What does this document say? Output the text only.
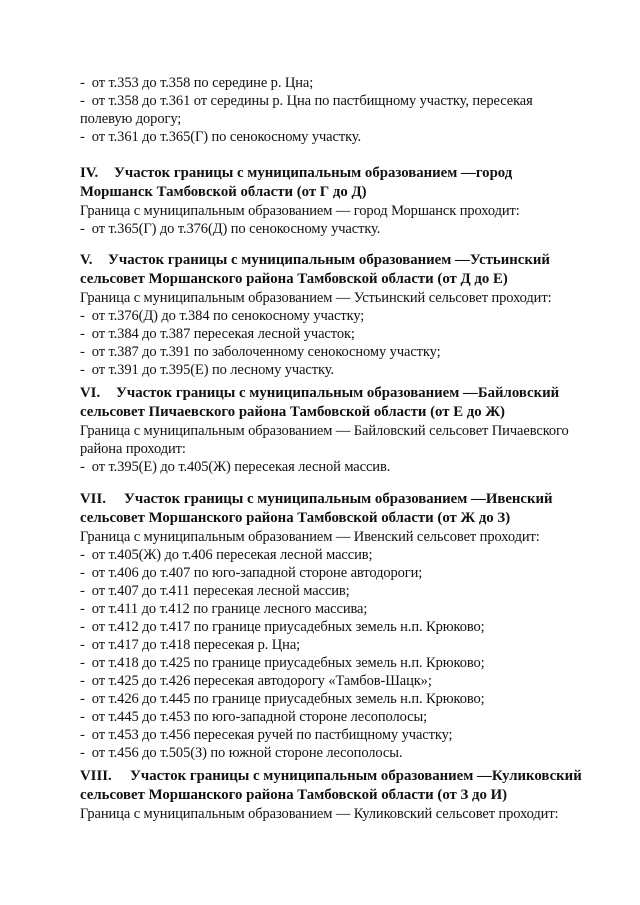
-  от т.353 до т.358 по середине р. Цна;
-  от т.358 до т.361 от середины р. Цна по пастбищному участку, пересекая
полевую дорогу;
-  от т.361 до т.365(Г) по сенокосному участку.
IV. Участок границы с муниципальным образованием —город
Моршанск Тамбовской области (от Г до Д)
Граница с муниципальным образованием — город Моршанск проходит:
-  от т.365(Г) до т.376(Д) по сенокосному участку.
V. Участок границы с муниципальным образованием —Устьинский
сельсовет Моршанского района Тамбовской области (от Д до Е)
Граница с муниципальным образованием — Устьинский сельсовет проходит:
-  от т.376(Д) до т.384 по сенокосному участку;
-  от т.384 до т.387 пересекая лесной участок;
-  от т.387 до т.391 по заболоченному сенокосному участку;
-  от т.391 до т.395(Е) по лесному участку.
VI. Участок границы с муниципальным образованием —Байловский
сельсовет Пичаевского района Тамбовской области (от Е до Ж)
Граница с муниципальным образованием — Байловский сельсовет Пичаевского
района проходит:
-  от т.395(Е) до т.405(Ж) пересекая лесной массив.
VII. Участок границы с муниципальным образованием —Ивенский
сельсовет Моршанского района Тамбовской области (от Ж до З)
Граница с муниципальным образованием — Ивенский сельсовет проходит:
-  от т.405(Ж) до т.406 пересекая лесной массив;
-  от т.406 до т.407 по юго-западной стороне автодороги;
-  от т.407 до т.411 пересекая лесной массив;
-  от т.411 до т.412 по границе лесного массива;
-  от т.412 до т.417 по границе приусадебных земель н.п. Крюково;
-  от т.417 до т.418 пересекая р. Цна;
-  от т.418 до т.425 по границе приусадебных земель н.п. Крюково;
-  от т.425 до т.426 пересекая автодорогу «Тамбов-Шацк»;
-  от т.426 до т.445 по границе приусадебных земель н.п. Крюково;
-  от т.445 до т.453 по юго-западной стороне лесополосы;
-  от т.453 до т.456 пересекая ручей по пастбищному участку;
-  от т.456 до т.505(З) по южной стороне лесополосы.
VIII. Участок границы с муниципальным образованием —Куликовский
сельсовет Моршанского района Тамбовской области (от З до И)
Граница с муниципальным образованием — Куликовский сельсовет проходит:
